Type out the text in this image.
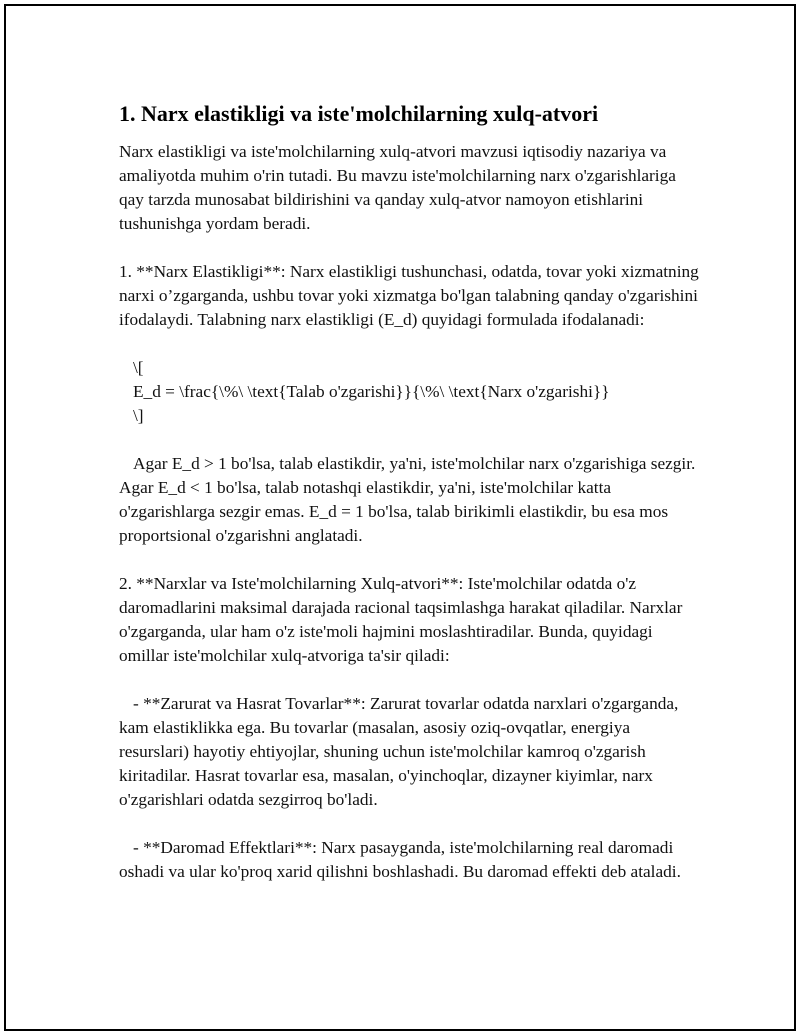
1. Narx elastikligi va iste'molchilarning xulq-atvori

Narx elastikligi va iste'molchilarning xulq-atvori mavzusi iqtisodiy nazariya va amaliyotda muhim o'rin tutadi. Bu mavzu iste'molchilarning narx o'zgarishlariga qay tarzda munosabat bildirishini va qanday xulq-atvor namoyon etishlarini tushunishga yordam beradi.

1. **Narx Elastikligi**: Narx elastikligi tushunchasi, odatda, tovar yoki xizmatning narxi o’zgarganda, ushbu tovar yoki xizmatga bo'lgan talabning qanday o'zgarishini ifodalaydi. Talabning narx elastikligi (E_d) quyidagi formulada ifodalanadi:

\[

E_d = \frac{\%\ \text{Talab o'zgarishi}}{\%\ \text{Narx o'zgarishi}}

\]

Agar E_d > 1 bo'lsa, talab elastikdir, ya'ni, iste'molchilar narx o'zgarishiga sezgir. Agar E_d < 1 bo'lsa, talab notashqi elastikdir, ya'ni, iste'molchilar katta o'zgarishlarga sezgir emas. E_d = 1 bo'lsa, talab birikimli elastikdir, bu esa mos proportsional o'zgarishni anglatadi.

2. **Narxlar va Iste'molchilarning Xulq-atvori**: Iste'molchilar odatda o'z daromadlarini maksimal darajada racional taqsimlashga harakat qiladilar. Narxlar o'zgarganda, ular ham o'z iste'moli hajmini moslashtiradilar. Bunda, quyidagi omillar iste'molchilar xulq-atvoriga ta'sir qiladi:

- **Zarurat va Hasrat Tovarlar**: Zarurat tovarlar odatda narxlari o'zgarganda, kam elastiklikka ega. Bu tovarlar (masalan, asosiy oziq-ovqatlar, energiya resurslari) hayotiy ehtiyojlar, shuning uchun iste'molchilar kamroq o'zgarish kiritadilar. Hasrat tovarlar esa, masalan, o'yinchoqlar, dizayner kiyimlar, narx o'zgarishlari odatda sezgirroq bo'ladi.

- **Daromad Effektlari**: Narx pasayganda, iste'molchilarning real daromadi oshadi va ular ko'proq xarid qilishni boshlashadi. Bu daromad effekti deb ataladi.
